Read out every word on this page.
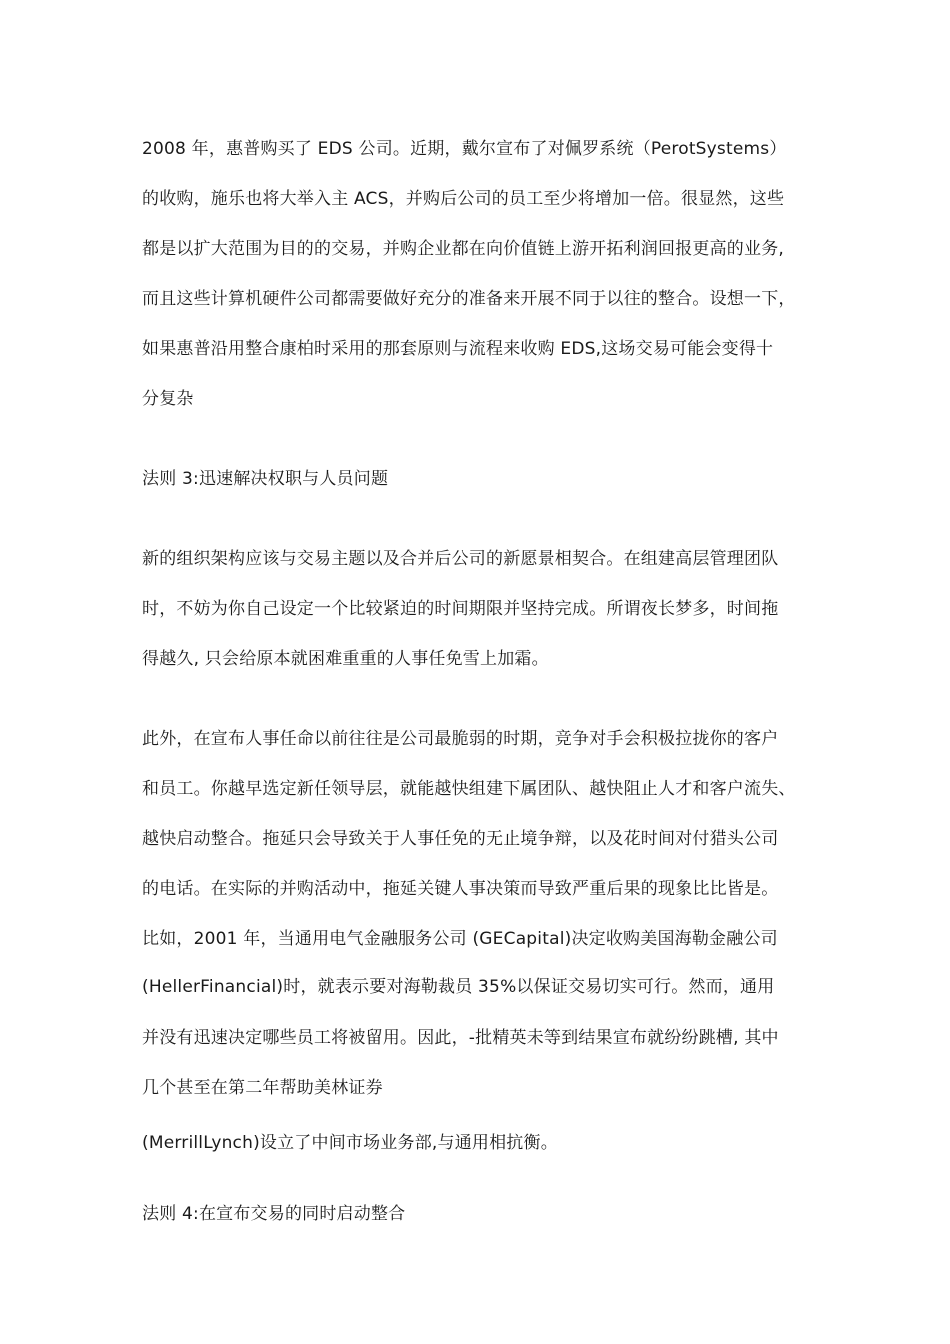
2008 年，惠普购买了 EDS 公司。近期，戴尔宣布了对佩罗系统（PerotSystems）
的收购，施乐也将大举入主 ACS，并购后公司的员工至少将增加一倍。很显然，这些
都是以扩大范围为目的的交易，并购企业都在向价值链上游开拓利润回报更高的业务,
而且这些计算机硬件公司都需要做好充分的准备来开展不同于以往的整合。设想一下，
如果惠普沿用整合康柏时采用的那套原则与流程来收购 EDS,这场交易可能会变得十
分复杂
法则 3:迅速解决权职与人员问题
新的组织架构应该与交易主题以及合并后公司的新愿景相契合。在组建高层管理团队
时，不妨为你自己设定一个比较紧迫的时间期限并坚持完成。所谓夜长梦多，时间拖
得越久, 只会给原本就困难重重的人事任免雪上加霜。
此外，在宣布人事任命以前往往是公司最脆弱的时期，竞争对手会积极拉拢你的客户
和员工。你越早选定新任领导层，就能越快组建下属团队、越快阻止人才和客户流失、
越快启动整合。拖延只会导致关于人事任免的无止境争辩，以及花时间对付猎头公司
的电话。在实际的并购活动中，拖延关键人事决策而导致严重后果的现象比比皆是。
比如，2001 年，当通用电气金融服务公司 (GECapital)决定收购美国海勒金融公司
(HellerFinancial)时，就表示要对海勒裁员 35%以保证交易切实可行。然而，通用
并没有迅速决定哪些员工将被留用。因此，-批精英未等到结果宣布就纷纷跳槽, 其中
几个甚至在第二年帮助美林证券
(MerrillLynch)设立了中间市场业务部,与通用相抗衡。
法则 4:在宣布交易的同时启动整合
